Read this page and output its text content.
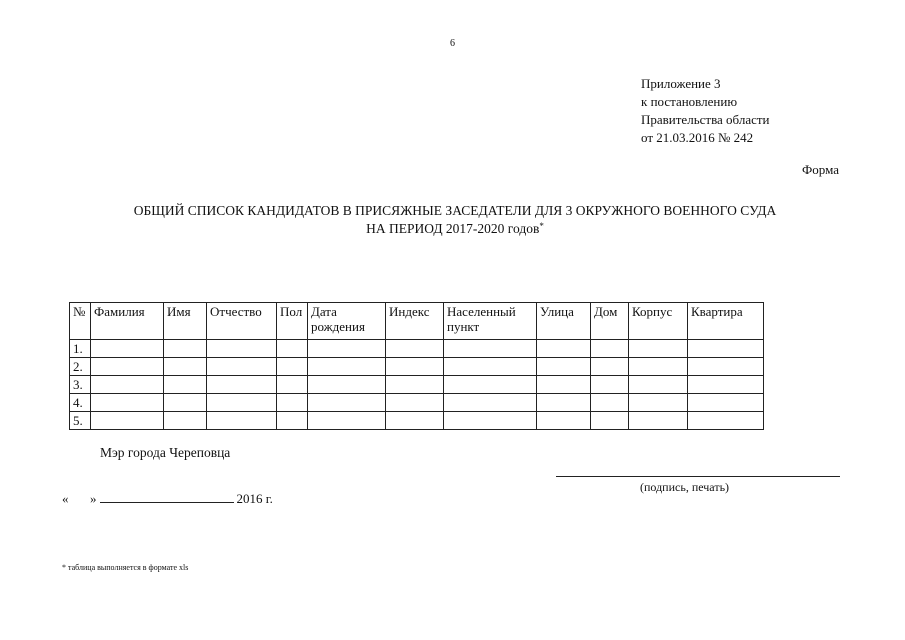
6
Приложение 3
к постановлению
Правительства области
от 21.03.2016 № 242
Форма
ОБЩИЙ СПИСОК КАНДИДАТОВ В ПРИСЯЖНЫЕ ЗАСЕДАТЕЛИ ДЛЯ 3 ОКРУЖНОГО ВОЕННОГО СУДА
НА ПЕРИОД 2017-2020 годов*
№	Фамилия	Имя	Отчество	Пол	Дата рождения	Индекс	Населенный пункт	Улица	Дом	Корпус	Квартира
1.											
2.											
3.											
4.											
5.											
Мэр города Череповца
(подпись, печать)
« »	2016 г.
* таблица выполняется в формате xls
